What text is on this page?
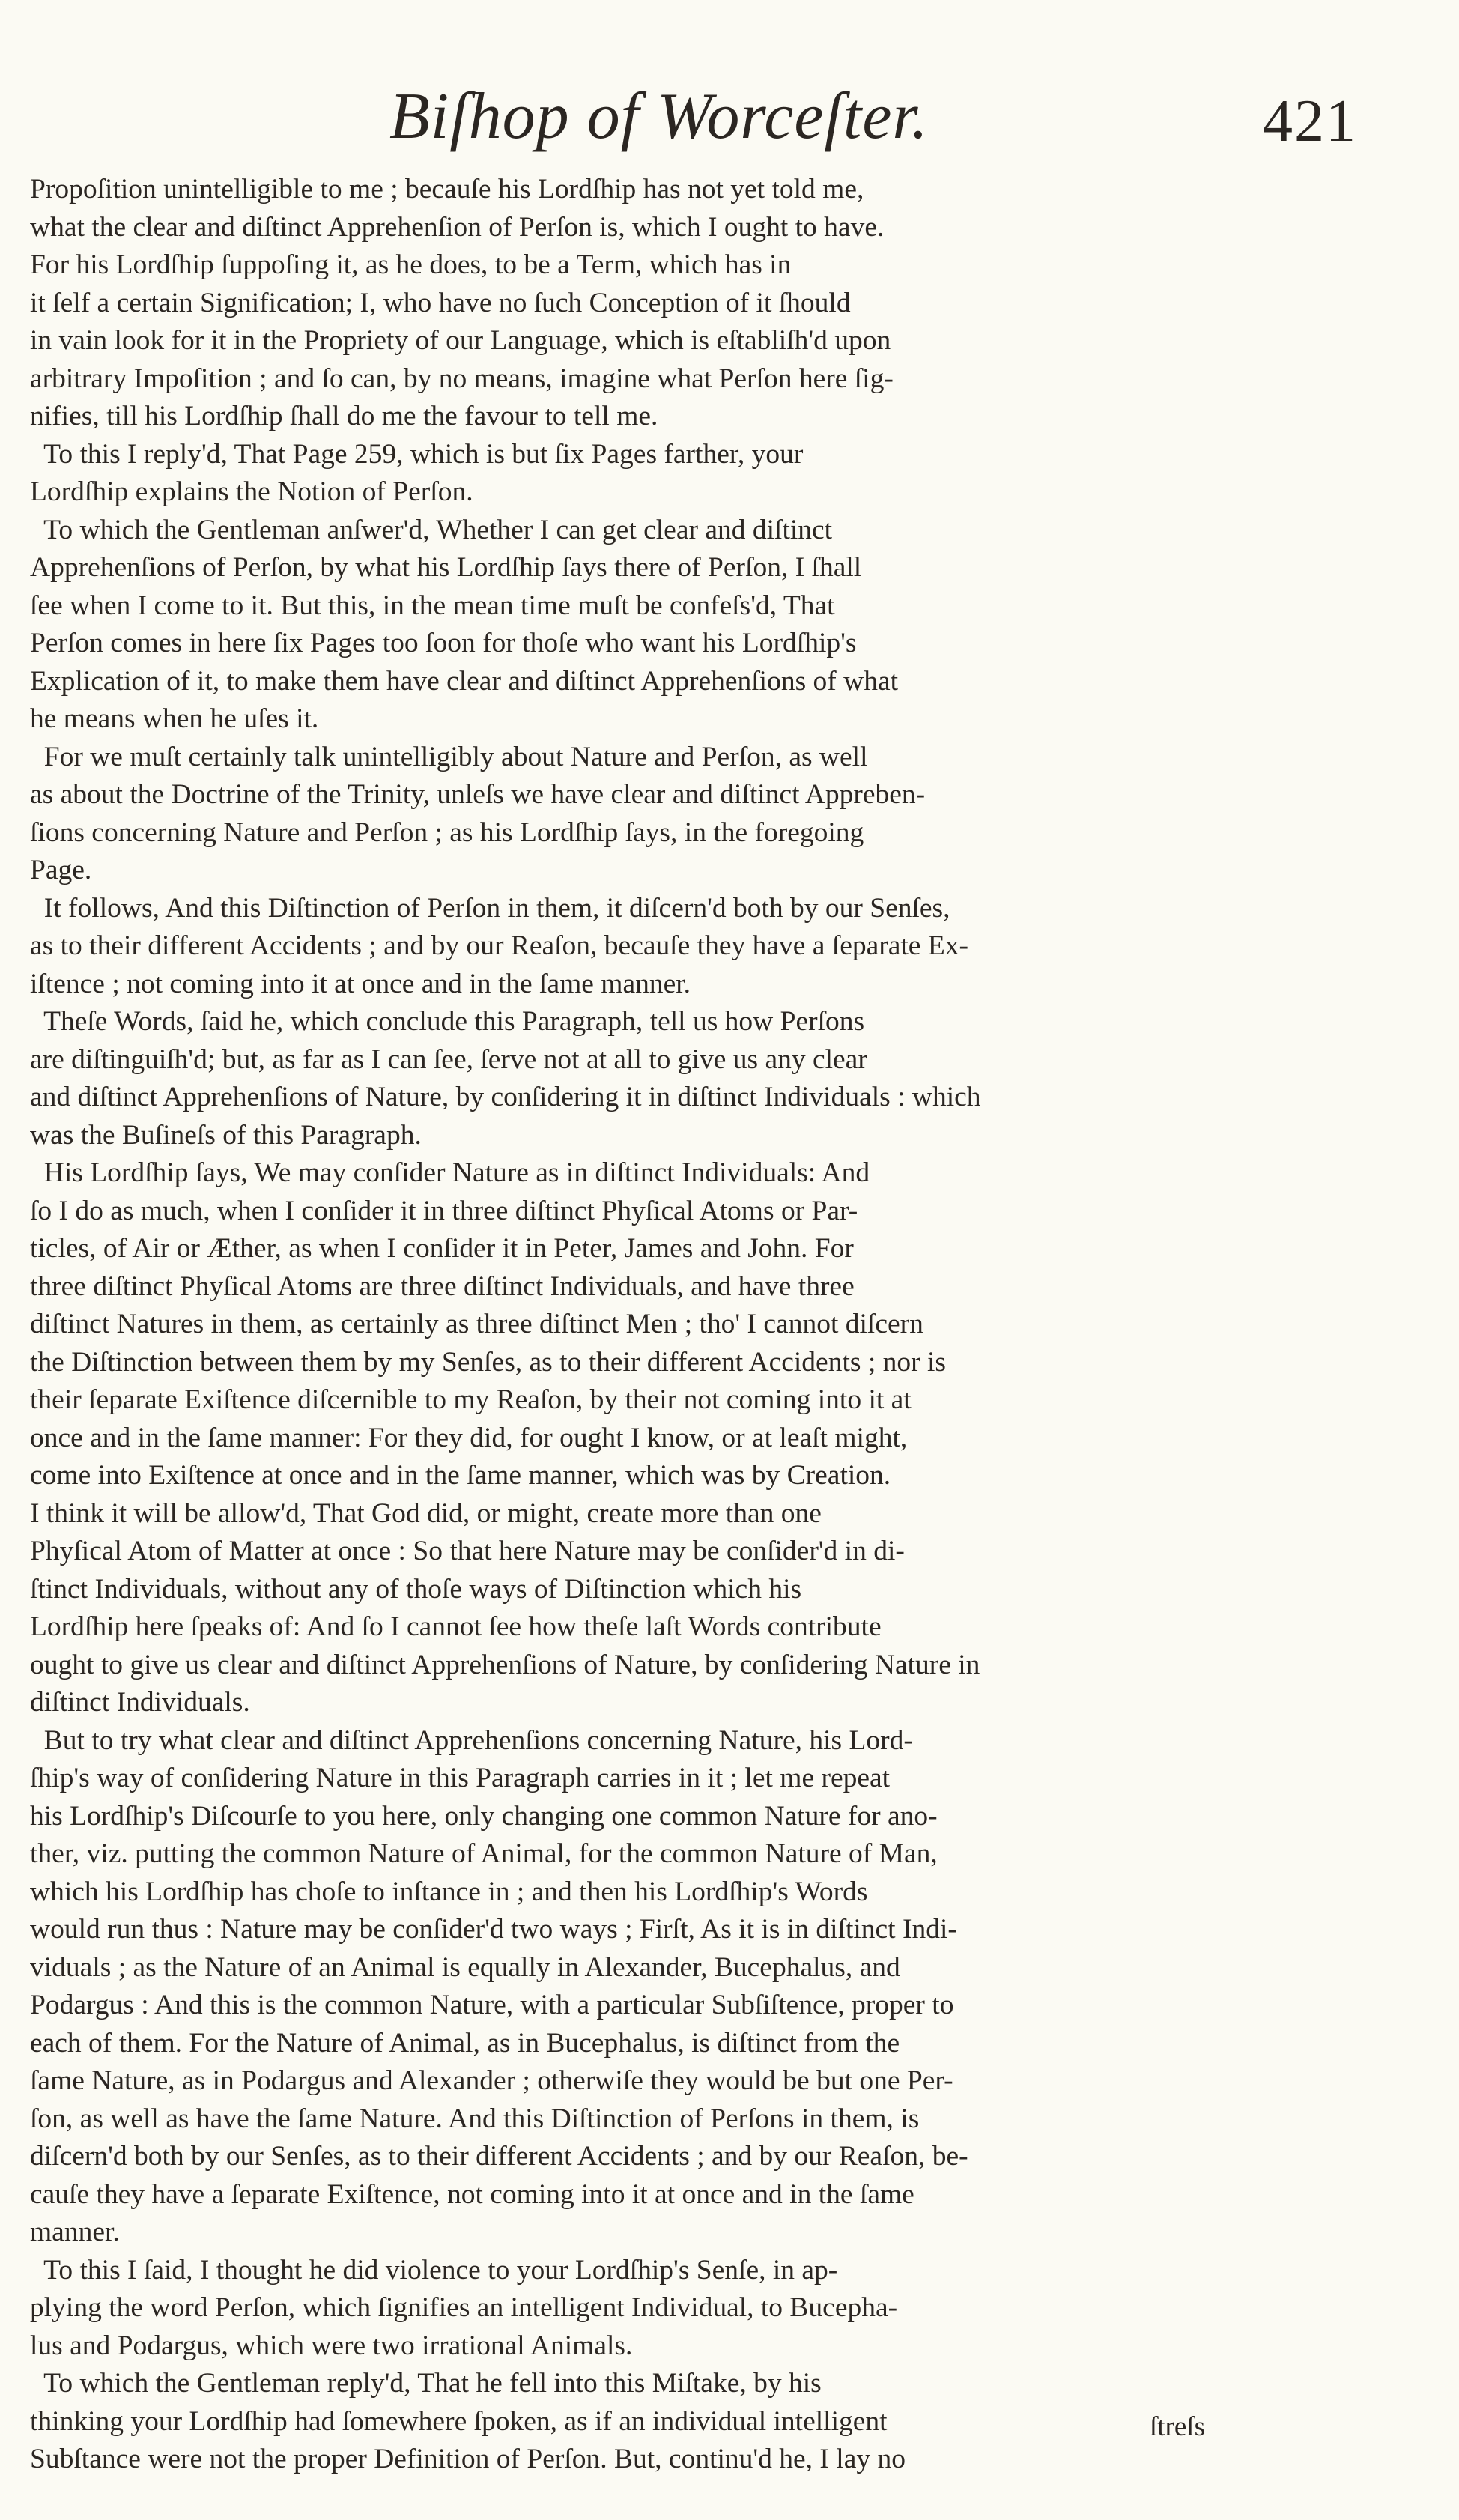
Biſhop of Worceſter.	421
Propoſition unintelligible to me ; becauſe his Lordſhip has not yet told me,
what the clear and diſtinct Apprehenſion of Perſon is, which I ought to have.
For his Lordſhip ſuppoſing it, as he does, to be a Term, which has in
it ſelf a certain Signification; I, who have no ſuch Conception of it ſhould
in vain look for it in the Propriety of our Language, which is eſtabliſh'd upon
arbitrary Impoſition ; and ſo can, by no means, imagine what Perſon here ſig-
nifies, till his Lordſhip ſhall do me the favour to tell me.
To this I reply'd, That Page 259, which is but ſix Pages farther, your
Lordſhip explains the Notion of Perſon.
To which the Gentleman anſwer'd, Whether I can get clear and diſtinct
Apprehenſions of Perſon, by what his Lordſhip ſays there of Perſon, I ſhall
ſee when I come to it. But this, in the mean time muſt be confeſs'd, That
Perſon comes in here ſix Pages too ſoon for thoſe who want his Lordſhip's
Explication of it, to make them have clear and diſtinct Apprehenſions of what
he means when he uſes it.
For we muſt certainly talk unintelligibly about Nature and Perſon, as well
as about the Doctrine of the Trinity, unleſs we have clear and diſtinct Appreben-
ſions concerning Nature and Perſon ; as his Lordſhip ſays, in the foregoing
Page.
It follows, And this Diſtinction of Perſon in them, it diſcern'd both by our Senſes,
as to their different Accidents ; and by our Reaſon, becauſe they have a ſeparate Ex-
iſtence ; not coming into it at once and in the ſame manner.
Theſe Words, ſaid he, which conclude this Paragraph, tell us how Perſons
are diſtinguiſh'd; but, as far as I can ſee, ſerve not at all to give us any clear
and diſtinct Apprehenſions of Nature, by conſidering it in diſtinct Individuals : which
was the Buſineſs of this Paragraph.
His Lordſhip ſays, We may conſider Nature as in diſtinct Individuals: And
ſo I do as much, when I conſider it in three diſtinct Phyſical Atoms or Par-
ticles, of Air or Æther, as when I conſider it in Peter, James and John. For
three diſtinct Phyſical Atoms are three diſtinct Individuals, and have three
diſtinct Natures in them, as certainly as three diſtinct Men ; tho' I cannot diſcern
the Diſtinction between them by my Senſes, as to their different Accidents ; nor is
their ſeparate Exiſtence diſcernible to my Reaſon, by their not coming into it at
once and in the ſame manner: For they did, for ought I know, or at leaſt might,
come into Exiſtence at once and in the ſame manner, which was by Creation.
I think it will be allow'd, That God did, or might, create more than one
Phyſical Atom of Matter at once : So that here Nature may be conſider'd in di-
ſtinct Individuals, without any of thoſe ways of Diſtinction which his
Lordſhip here ſpeaks of: And ſo I cannot ſee how theſe laſt Words contribute
ought to give us clear and diſtinct Apprehenſions of Nature, by conſidering Nature in
diſtinct Individuals.
But to try what clear and diſtinct Apprehenſions concerning Nature, his Lord-
ſhip's way of conſidering Nature in this Paragraph carries in it ; let me repeat
his Lordſhip's Diſcourſe to you here, only changing one common Nature for ano-
ther, viz. putting the common Nature of Animal, for the common Nature of Man,
which his Lordſhip has choſe to inſtance in ; and then his Lordſhip's Words
would run thus : Nature may be conſider'd two ways ; Firſt, As it is in diſtinct Indi-
viduals ; as the Nature of an Animal is equally in Alexander, Bucephalus, and
Podargus : And this is the common Nature, with a particular Subſiſtence, proper to
each of them. For the Nature of Animal, as in Bucephalus, is diſtinct from the
ſame Nature, as in Podargus and Alexander ; otherwiſe they would be but one Per-
ſon, as well as have the ſame Nature. And this Diſtinction of Perſons in them, is
diſcern'd both by our Senſes, as to their different Accidents ; and by our Reaſon, be-
cauſe they have a ſeparate Exiſtence, not coming into it at once and in the ſame
manner.
To this I ſaid, I thought he did violence to your Lordſhip's Senſe, in ap-
plying the word Perſon, which ſignifies an intelligent Individual, to Bucepha-
lus and Podargus, which were two irrational Animals.
To which the Gentleman reply'd, That he fell into this Miſtake, by his
thinking your Lordſhip had ſomewhere ſpoken, as if an individual intelligent
Subſtance were not the proper Definition of Perſon. But, continu'd he, I lay no
ſtreſs
